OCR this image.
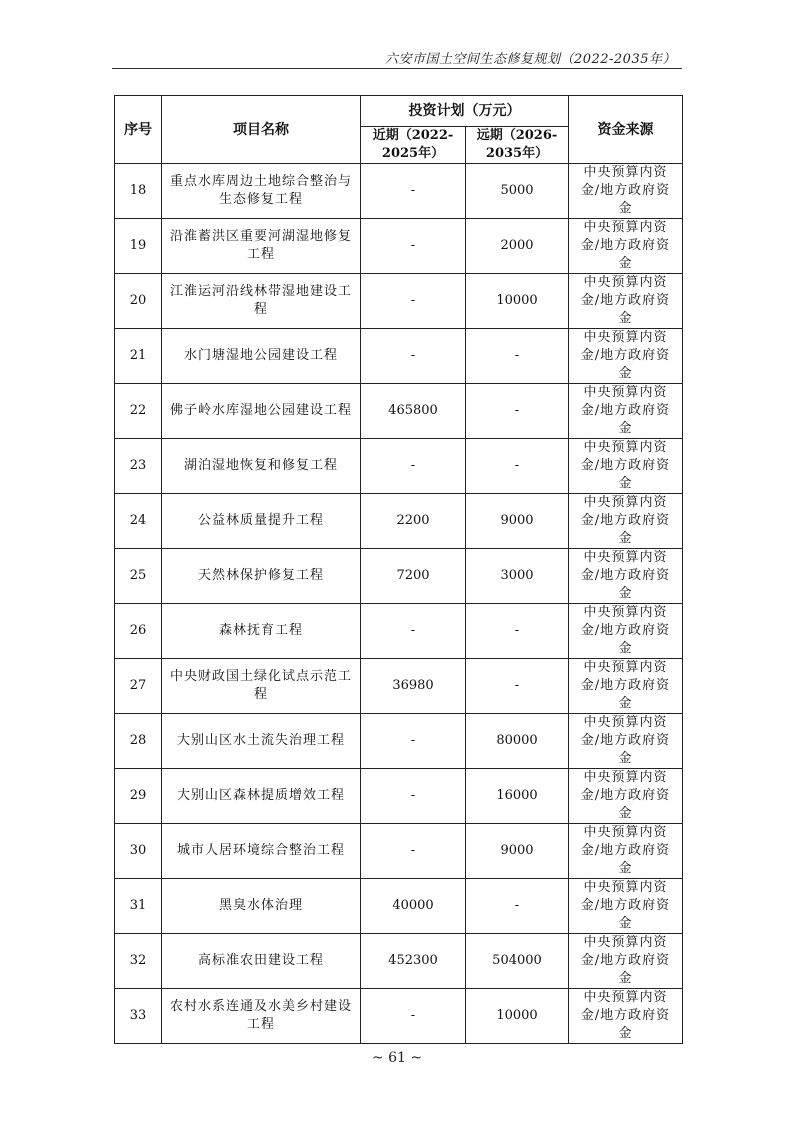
六安市国土空间生态修复规划（2022-2035年）
序号	项目名称	投资计划（万元）		资金来源
		近期（2022-2025年）	远期（2026-2035年）	
18	重点水库周边土地综合整治与生态修复工程	-	5000	中央预算内资金/地方政府资金
19	沿淮蓄洪区重要河湖湿地修复工程	-	2000	中央预算内资金/地方政府资金
20	江淮运河沿线林带湿地建设工程	-	10000	中央预算内资金/地方政府资金
21	水门塘湿地公园建设工程	-	-	中央预算内资金/地方政府资金
22	佛子岭水库湿地公园建设工程	465800	-	中央预算内资金/地方政府资金
23	湖泊湿地恢复和修复工程	-	-	中央预算内资金/地方政府资金
24	公益林质量提升工程	2200	9000	中央预算内资金/地方政府资金
25	天然林保护修复工程	7200	3000	中央预算内资金/地方政府资金
26	森林抚育工程	-	-	中央预算内资金/地方政府资金
27	中央财政国土绿化试点示范工程	36980	-	中央预算内资金/地方政府资金
28	大别山区水土流失治理工程	-	80000	中央预算内资金/地方政府资金
29	大别山区森林提质增效工程	-	16000	中央预算内资金/地方政府资金
30	城市人居环境综合整治工程	-	9000	中央预算内资金/地方政府资金
31	黑臭水体治理	40000	-	中央预算内资金/地方政府资金
32	高标准农田建设工程	452300	504000	中央预算内资金/地方政府资金
33	农村水系连通及水美乡村建设工程	-	10000	中央预算内资金/地方政府资金
~ 61 ~
